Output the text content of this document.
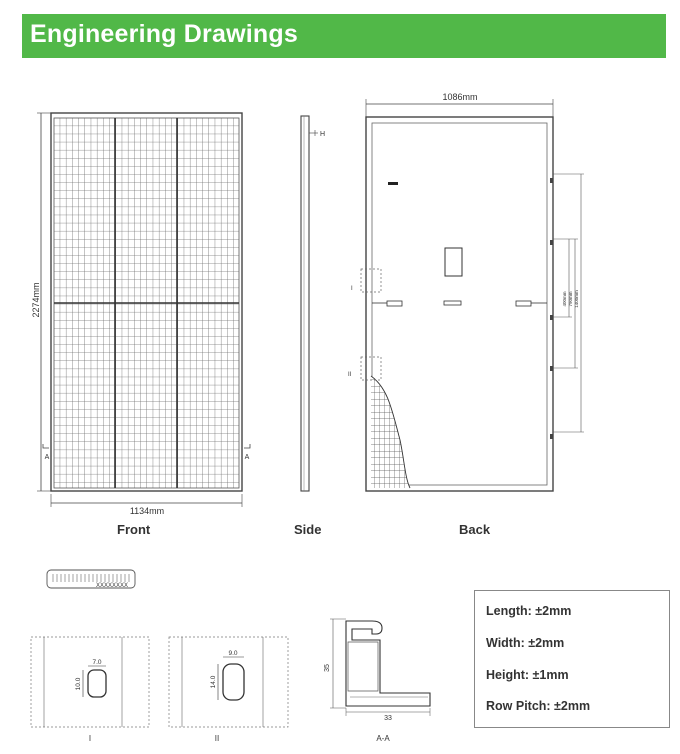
Engineering Drawings
2274mm
1134mm
A	A
H
1086mm
I
II
400mm 790mm 1400mm
XXXXXXXX
7.0
10.0
I
9.0
14.0
II
35
33
A-A
Front	Side	Back
Length: ±2mm
Width: ±2mm
Height: ±1mm
Row Pitch: ±2mm
